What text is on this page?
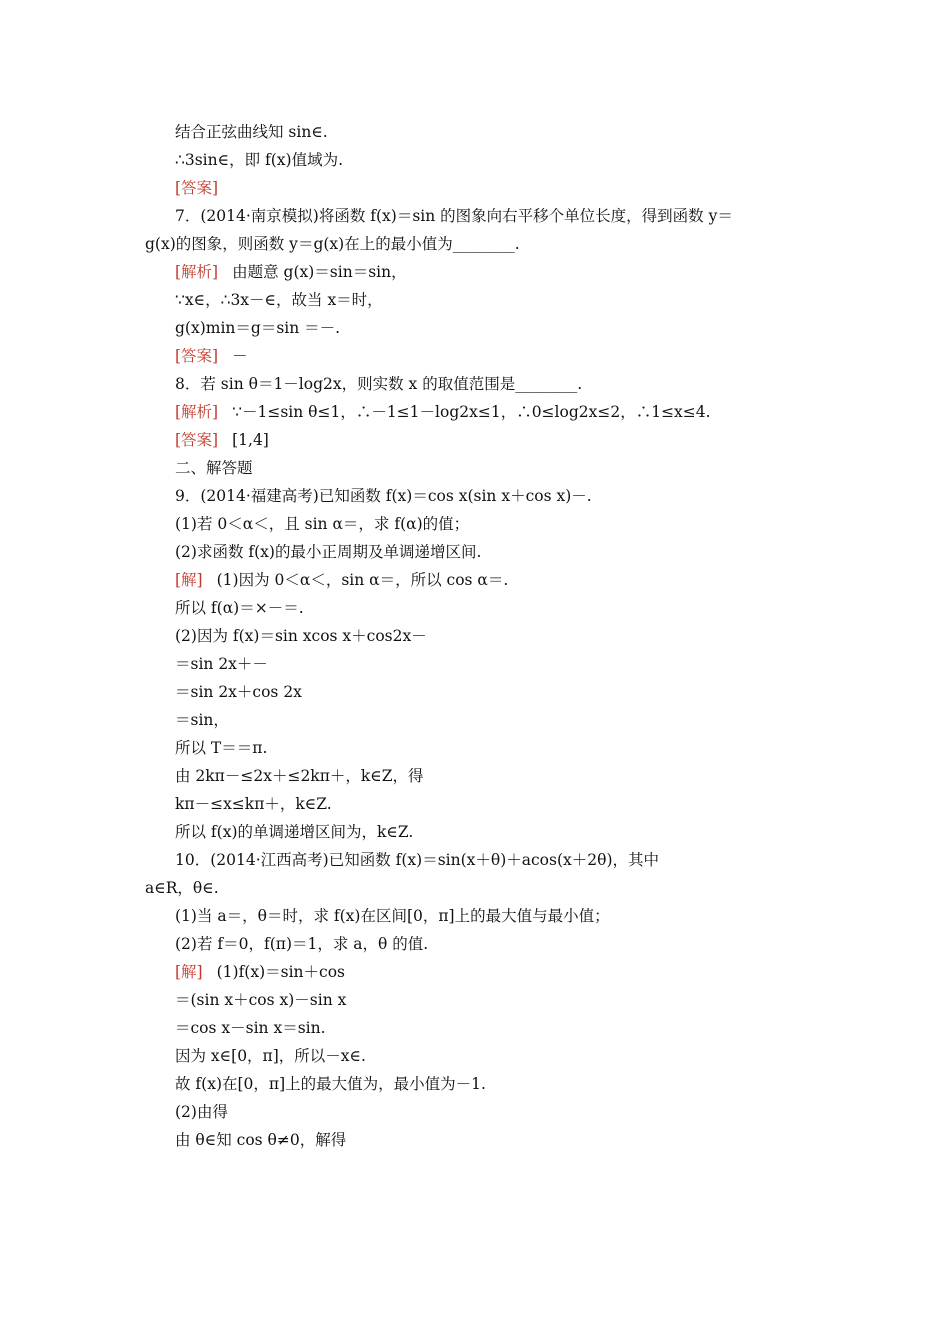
结合正弦曲线知 sin∈.
∴3sin∈，即 f(x)值域为.
[答案]
7．(2014·南京模拟)将函数 f(x)＝sin 的图象向右平移个单位长度，得到函数 y＝
g(x)的图象，则函数 y＝g(x)在上的最小值为________.
[解析] 由题意 g(x)＝sin＝sin，
∵x∈，∴3x－∈，故当 x＝时，
g(x)min＝g＝sin ＝－.
[答案] －
8．若 sin θ＝1－log2x，则实数 x 的取值范围是________.
[解析] ∵－1≤sin θ≤1，∴－1≤1－log2x≤1，∴0≤log2x≤2，∴1≤x≤4.
[答案] [1,4]
二、解答题
9．(2014·福建高考)已知函数 f(x)＝cos x(sin x＋cos x)－.
(1)若 0＜α＜，且 sin α＝，求 f(α)的值；
(2)求函数 f(x)的最小正周期及单调递增区间.
[解] (1)因为 0＜α＜，sin α＝，所以 cos α＝.
所以 f(α)＝×－＝.
(2)因为 f(x)＝sin xcos x＋cos2x－
＝sin 2x＋－
＝sin 2x＋cos 2x
＝sin，
所以 T＝＝π.
由 2kπ－≤2x＋≤2kπ＋，k∈Z，得
kπ－≤x≤kπ＋，k∈Z.
所以 f(x)的单调递增区间为，k∈Z.
10．(2014·江西高考)已知函数 f(x)＝sin(x＋θ)＋acos(x＋2θ)，其中
a∈R，θ∈.
(1)当 a＝，θ＝时，求 f(x)在区间[0，π]上的最大值与最小值；
(2)若 f＝0，f(π)＝1，求 a，θ 的值.
[解] (1)f(x)＝sin＋cos
＝(sin x＋cos x)－sin x
＝cos x－sin x＝sin.
因为 x∈[0，π]，所以－x∈.
故 f(x)在[0，π]上的最大值为，最小值为－1.
(2)由得
由 θ∈知 cos θ≠0，解得
